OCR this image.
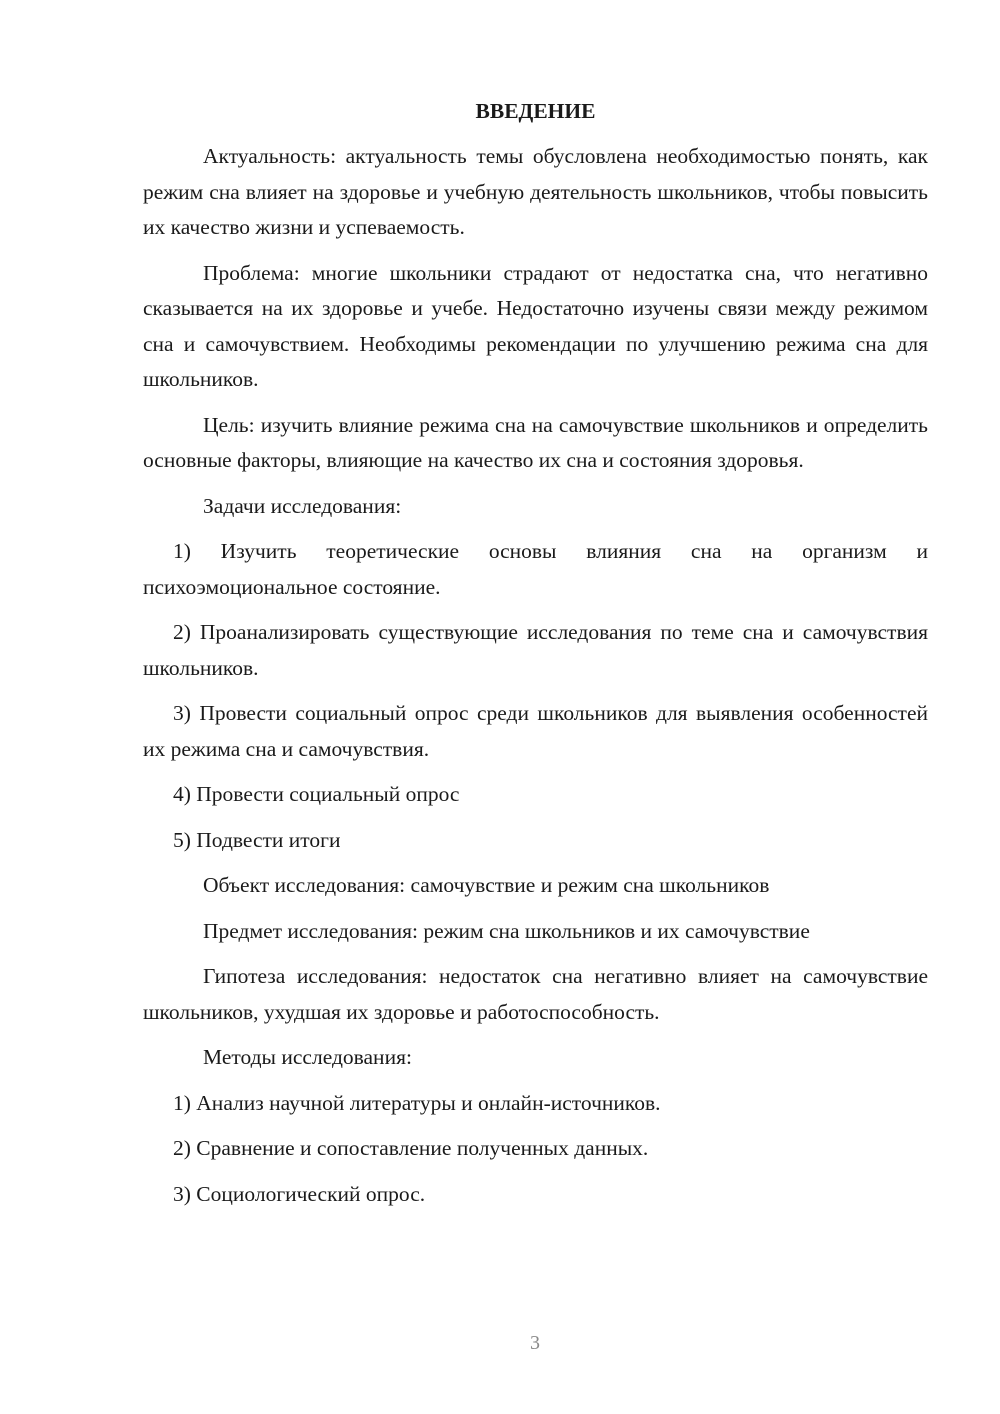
ВВЕДЕНИЕ

Актуальность: актуальность темы обусловлена необходимостью понять, как режим сна влияет на здоровье и учебную деятельность школьников, чтобы повысить их качество жизни и успеваемость.

Проблема: многие школьники страдают от недостатка сна, что негативно сказывается на их здоровье и учебе. Недостаточно изучены связи между режимом сна и самочувствием. Необходимы рекомендации по улучшению режима сна для школьников.

Цель: изучить влияние режима сна на самочувствие школьников и определить основные факторы, влияющие на качество их сна и состояния здоровья.

Задачи исследования:

1) Изучить теоретические основы влияния сна на организм и психоэмоциональное состояние.

2) Проанализировать существующие исследования по теме сна и самочувствия школьников.

3) Провести социальный опрос среди школьников для выявления особенностей их режима сна и самочувствия.

4) Провести социальный опрос

5) Подвести итоги

Объект исследования: самочувствие и режим сна школьников

Предмет исследования: режим сна школьников и их самочувствие

Гипотеза исследования: недостаток сна негативно влияет на самочувствие школьников, ухудшая их здоровье и работоспособность.

Методы исследования:

1) Анализ научной литературы и онлайн-источников.

2) Сравнение и сопоставление полученных данных.

3) Социологический опрос.

3
